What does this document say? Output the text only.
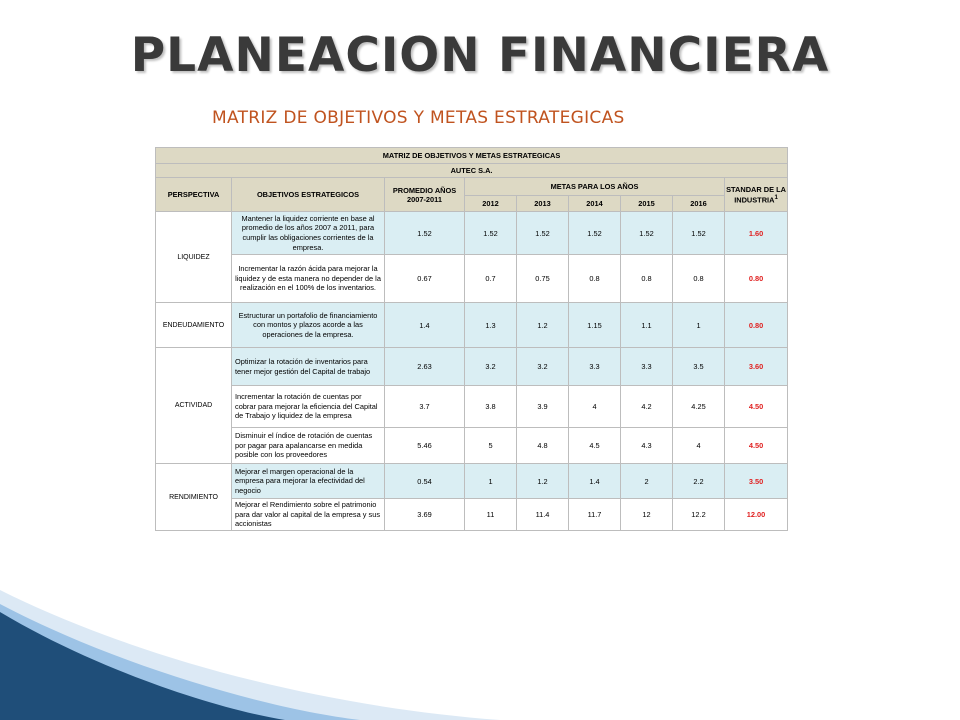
PLANEACION FINANCIERA
MATRIZ DE OBJETIVOS Y METAS ESTRATEGICAS
MATRIZ DE OBJETIVOS Y METAS ESTRATEGICAS								
AUTEC S.A.								
PERSPECTIVA	OBJETIVOS ESTRATEGICOS	PROMEDIO AÑOS 2007-2011	METAS PARA LOS AÑOS					STANDAR DE LA INDUSTRIA$^1$
			2012	2013	2014	2015	2016	
LIQUIDEZ	Mantener la liquidez corriente en base al promedio de los años 2007 a 2011, para cumplir las obligaciones corrientes de la empresa.	1.52	1.52	1.52	1.52	1.52	1.52	1.60
	Incrementar la razón ácida para mejorar la liquidez y de esta manera no depender de la realización en el 100% de los inventarios.	0.67	0.7	0.75	0.8	0.8	0.8	0.80
ENDEUDAMIENTO	Estructurar un portafolio de financiamiento con montos y plazos acorde a las operaciones de la empresa.	1.4	1.3	1.2	1.15	1.1	1	0.80
ACTIVIDAD	Optimizar la rotación de inventarios para tener mejor gestión del Capital de trabajo	2.63	3.2	3.2	3.3	3.3	3.5	3.60
	Incrementar la rotación de cuentas por cobrar para mejorar la eficiencia del Capital de Trabajo y liquidez de la empresa	3.7	3.8	3.9	4	4.2	4.25	4.50
	Disminuir el índice de rotación de cuentas por pagar para apalancarse en medida posible con los proveedores	5.46	5	4.8	4.5	4.3	4	4.50
RENDIMIENTO	Mejorar el margen operacional de la empresa para mejorar la efectividad del negocio	0.54	1	1.2	1.4	2	2.2	3.50
	Mejorar el Rendimiento sobre el patrimonio para dar valor al capital de la empresa y sus accionistas	3.69	11	11.4	11.7	12	12.2	12.00
